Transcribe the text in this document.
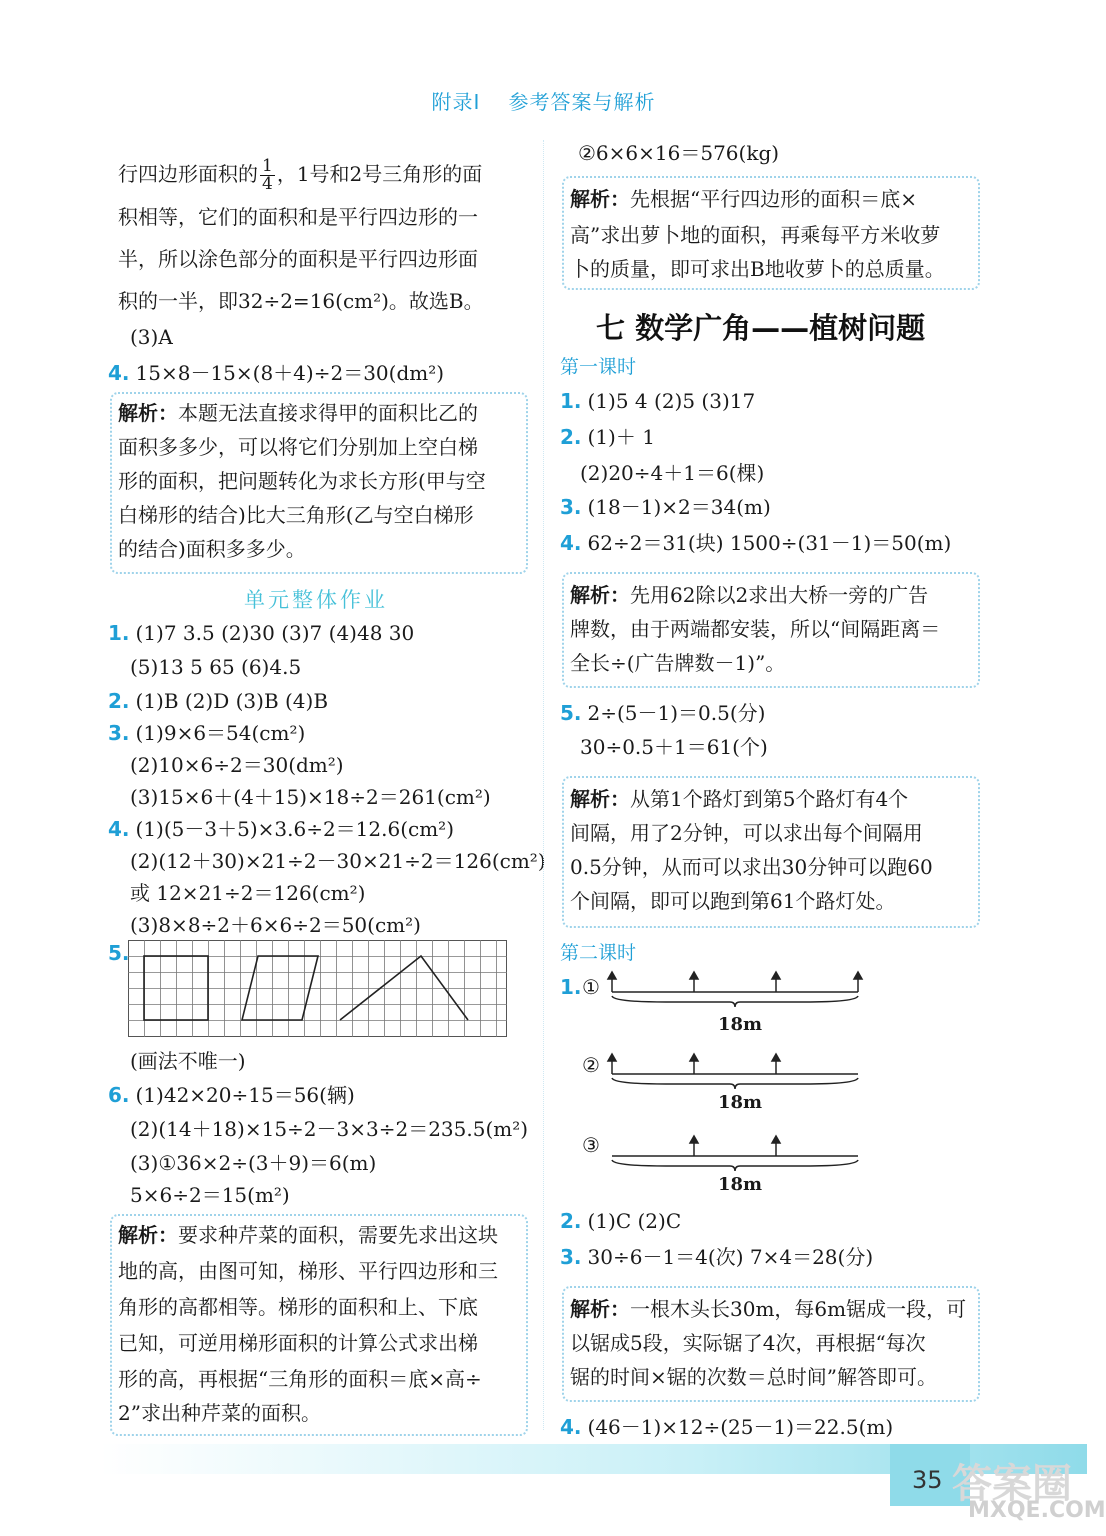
附录Ⅰ 参考答案与解析
行四边形面积的 $\frac{1}{4}$ ，1号和2号三角形的面
积相等，它们的面积和是平行四边形的一
半，所以涂色部分的面积是平行四边形面
积的一半，即32÷2=16(cm²)。故选B。
(3)A
4. 15×8－15×(8＋4)÷2＝30(dm²)
解析：本题无法直接求得甲的面积比乙的
面积多多少，可以将它们分别加上空白梯
形的面积，把问题转化为求长方形(甲与空
白梯形的结合)比大三角形(乙与空白梯形
的结合)面积多多少。
单元整体作业
1. (1)7 3.5 (2)30 (3)7 (4)48 30
(5)13 5 65 (6)4.5
2. (1)B (2)D (3)B (4)B
3. (1)9×6＝54(cm²)
(2)10×6÷2＝30(dm²)
(3)15×6＋(4＋15)×18÷2＝261(cm²)
4. (1)(5－3＋5)×3.6÷2＝12.6(cm²)
(2)(12＋30)×21÷2－30×21÷2＝126(cm²)
或 12×21÷2＝126(cm²)
(3)8×8÷2＋6×6÷2＝50(cm²)
5.
(画法不唯一)
6. (1)42×20÷15＝56(辆)
(2)(14＋18)×15÷2－3×3÷2＝235.5(m²)
(3)①36×2÷(3＋9)＝6(m)
5×6÷2＝15(m²)
解析：要求种芹菜的面积，需要先求出这块
地的高，由图可知，梯形、平行四边形和三
角形的高都相等。梯形的面积和上、下底
已知，可逆用梯形面积的计算公式求出梯
形的高，再根据“三角形的面积＝底×高÷
2”求出种芹菜的面积。
②6×6×16＝576(kg)
解析：先根据“平行四边形的面积＝底×
高”求出萝卜地的面积，再乘每平方米收萝
卜的质量，即可求出B地收萝卜的总质量。
七 数学广角——植树问题
第一课时
1. (1)5 4 (2)5 (3)17
2. (1)＋ 1
(2)20÷4＋1＝6(棵)
3. (18－1)×2＝34(m)
4. 62÷2＝31(块) 1500÷(31－1)＝50(m)
解析：先用62除以2求出大桥一旁的广告
牌数，由于两端都安装，所以“间隔距离＝
全长÷(广告牌数－1)”。
5. 2÷(5－1)＝0.5(分)
30÷0.5＋1＝61(个)
解析：从第1个路灯到第5个路灯有4个
间隔，用了2分钟，可以求出每个间隔用
0.5分钟，从而可以求出30分钟可以跑60
个间隔，即可以跑到第61个路灯处。
第二课时
1. ①
18m
②
18m
③
18m
2. (1)C (2)C
3. 30÷6－1＝4(次) 7×4＝28(分)
解析：一根木头长30m，每6m锯成一段，可
以锯成5段，实际锯了4次，再根据“每次
锯的时间×锯的次数＝总时间”解答即可。
4. (46－1)×12÷(25－1)＝22.5(m)
35 答案圈
MXQE.COM
